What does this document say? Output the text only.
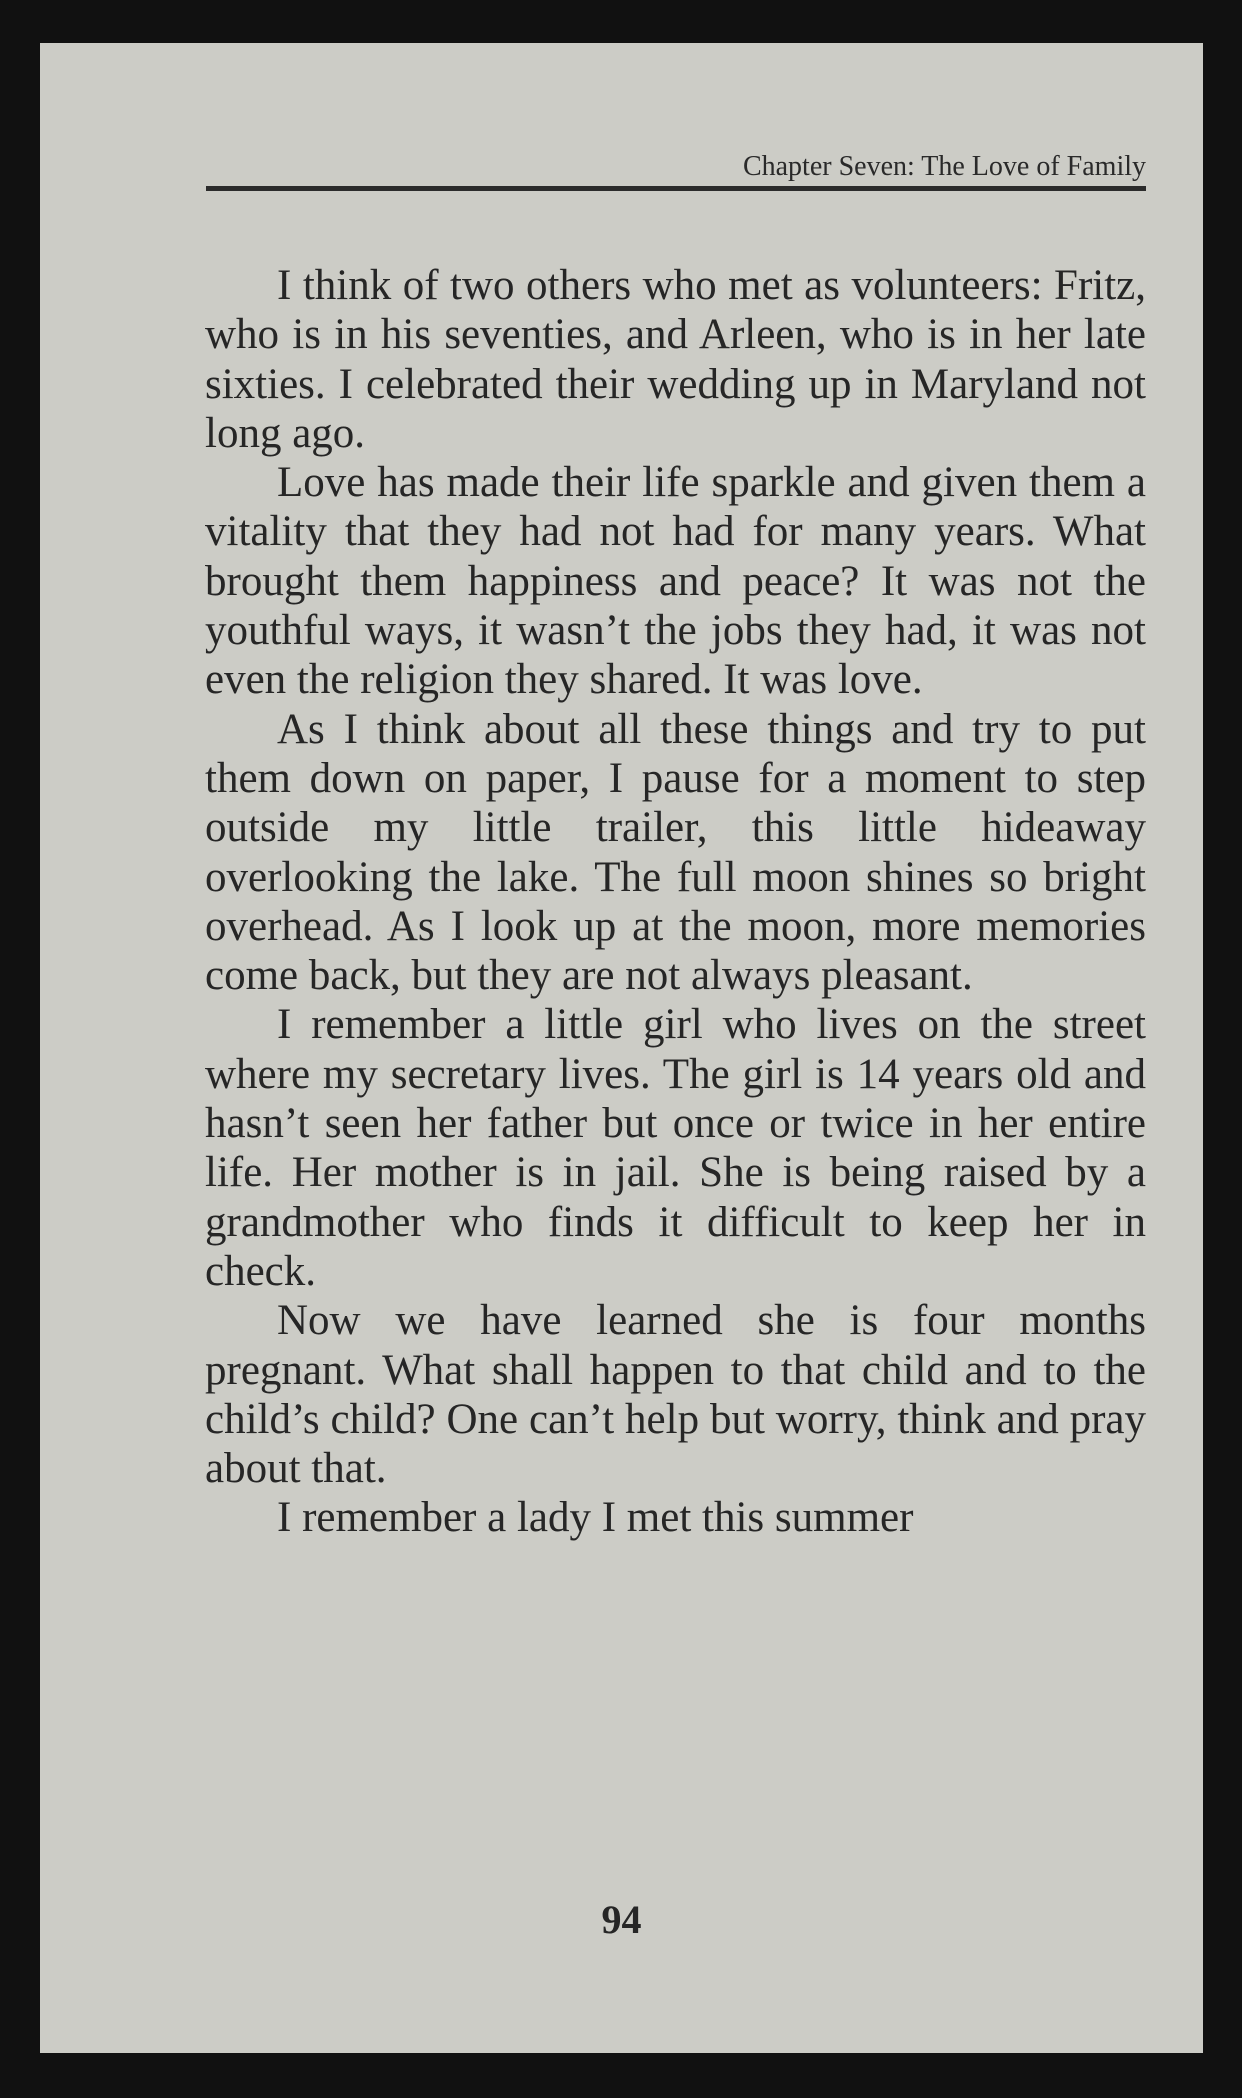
Chapter Seven: The Love of Family

I think of two others who met as volunteers: Fritz, who is in his seventies, and Arleen, who is in her late sixties. I celebrated their wedding up in Maryland not long ago.

Love has made their life sparkle and given them a vitality that they had not had for many years. What brought them happiness and peace? It was not the youthful ways, it wasn’t the jobs they had, it was not even the religion they shared. It was love.

As I think about all these things and try to put them down on paper, I pause for a moment to step outside my little trailer, this little hideaway overlooking the lake. The full moon shines so bright overhead. As I look up at the moon, more memories come back, but they are not always pleasant.

I remember a little girl who lives on the street where my secretary lives. The girl is 14 years old and hasn’t seen her father but once or twice in her entire life. Her mother is in jail. She is being raised by a grandmother who finds it difficult to keep her in check.

Now we have learned she is four months pregnant. What shall happen to that child and to the child’s child? One can’t help but worry, think and pray about that.

I remember a lady I met this summer

94
